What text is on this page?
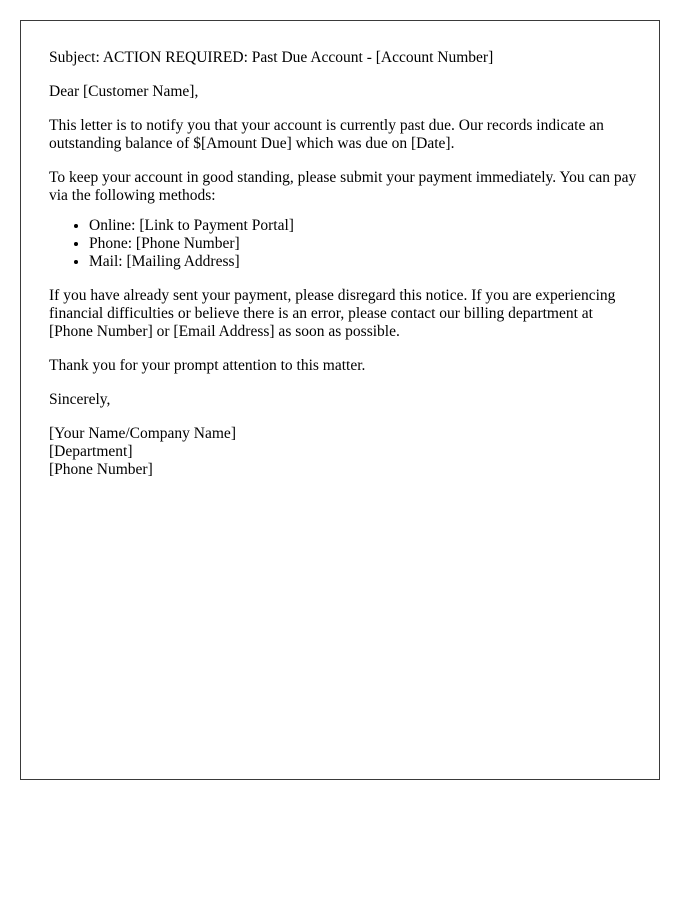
Subject: ACTION REQUIRED: Past Due Account - [Account Number]

Dear [Customer Name],

This letter is to notify you that your account is currently past due. Our records indicate an outstanding balance of $[Amount Due] which was due on [Date].

To keep your account in good standing, please submit your payment immediately. You can pay via the following methods:

• Online: [Link to Payment Portal]
• Phone: [Phone Number]
• Mail: [Mailing Address]

If you have already sent your payment, please disregard this notice. If you are experiencing financial difficulties or believe there is an error, please contact our billing department at [Phone Number] or [Email Address] as soon as possible.

Thank you for your prompt attention to this matter.

Sincerely,

[Your Name/Company Name]
[Department]
[Phone Number]
